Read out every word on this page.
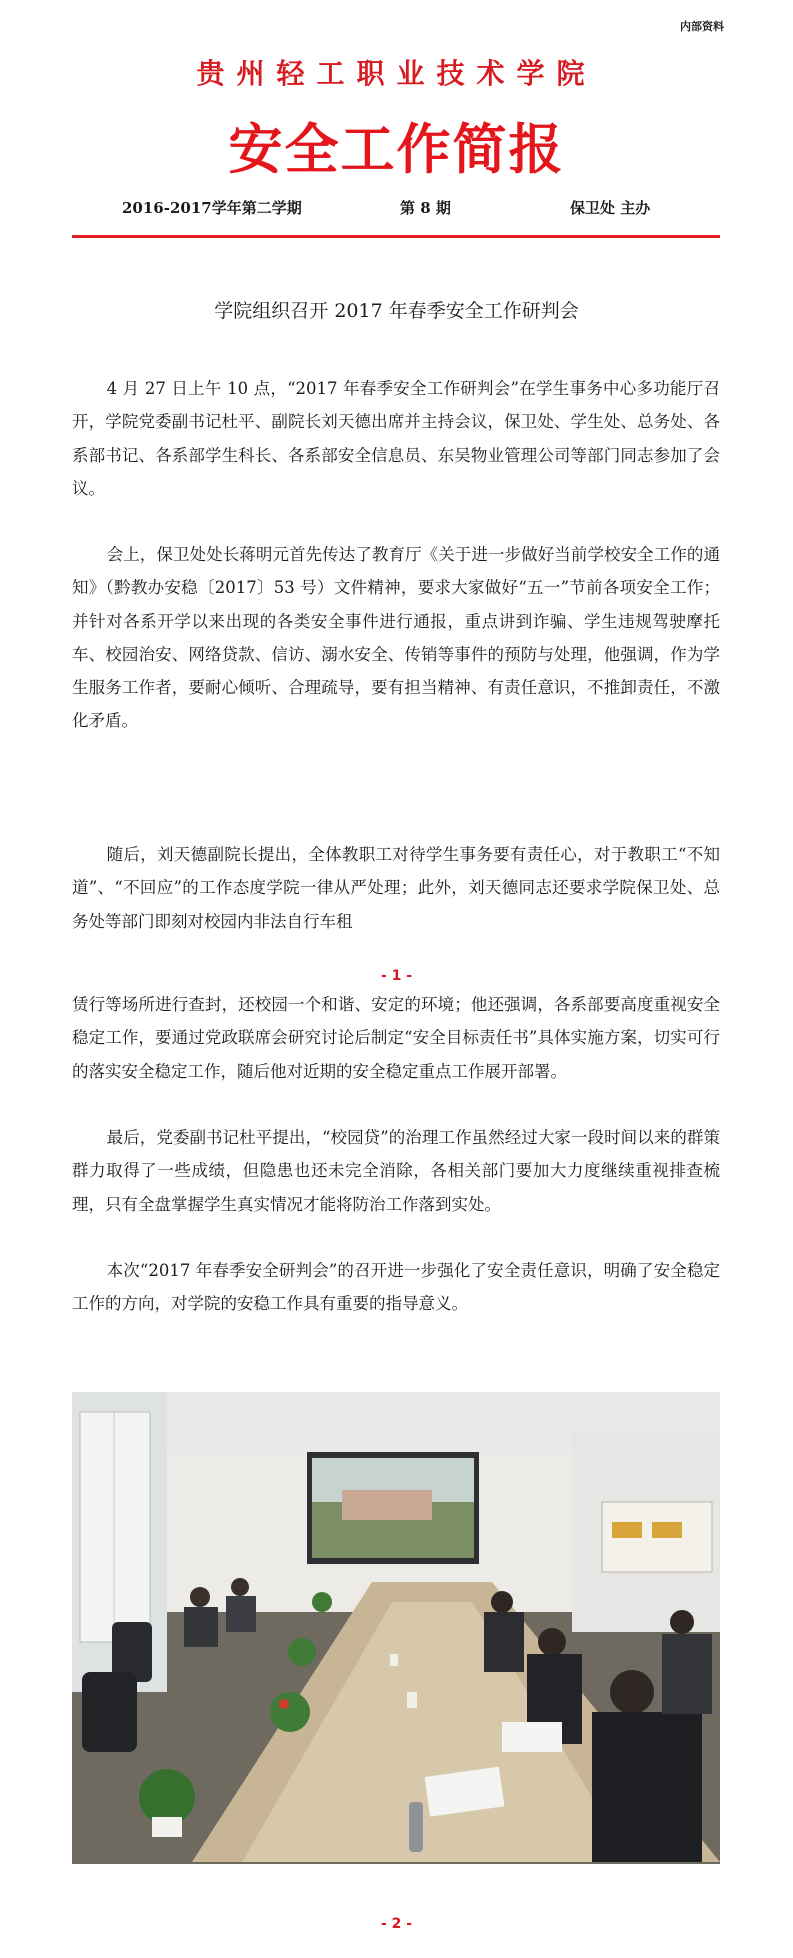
内部资料
贵州轻工职业技术学院
安全工作简报
2016-2017学年第二学期	第 8 期	保卫处 主办
学院组织召开 2017 年春季安全工作研判会

4 月 27 日上午 10 点，“2017 年春季安全工作研判会”在学生事务中心多功能厅召开，学院党委副书记杜平、副院长刘天德出席并主持会议，保卫处、学生处、总务处、各系部书记、各系部学生科长、各系部安全信息员、东吴物业管理公司等部门同志参加了会议。

会上，保卫处处长蒋明元首先传达了教育厅《关于进一步做好当前学校安全工作的通知》（黔教办安稳〔2017〕53 号）文件精神，要求大家做好“五一”节前各项安全工作；并针对各系开学以来出现的各类安全事件进行通报，重点讲到诈骗、学生违规驾驶摩托车、校园治安、网络贷款、信访、溺水安全、传销等事件的预防与处理，他强调，作为学生服务工作者，要耐心倾听、合理疏导，要有担当精神、有责任意识，不推卸责任，不激化矛盾。

随后，刘天德副院长提出，全体教职工对待学生事务要有责任心，对于教职工“不知道”、“不回应”的工作态度学院一律从严处理；此外，刘天德同志还要求学院保卫处、总务处等部门即刻对校园内非法自行车租

- 1 -

赁行等场所进行查封，还校园一个和谐、安定的环境；他还强调，各系部要高度重视安全稳定工作，要通过党政联席会研究讨论后制定“安全目标责任书”具体实施方案，切实可行的落实安全稳定工作，随后他对近期的安全稳定重点工作展开部署。

最后，党委副书记杜平提出，“校园贷”的治理工作虽然经过大家一段时间以来的群策群力取得了一些成绩，但隐患也还未完全消除，各相关部门要加大力度继续重视排查梳理，只有全盘掌握学生真实情况才能将防治工作落到实处。

本次“2017 年春季安全研判会”的召开进一步强化了安全责任意识，明确了安全稳定工作的方向，对学院的安稳工作具有重要的指导意义。

- 2 -
